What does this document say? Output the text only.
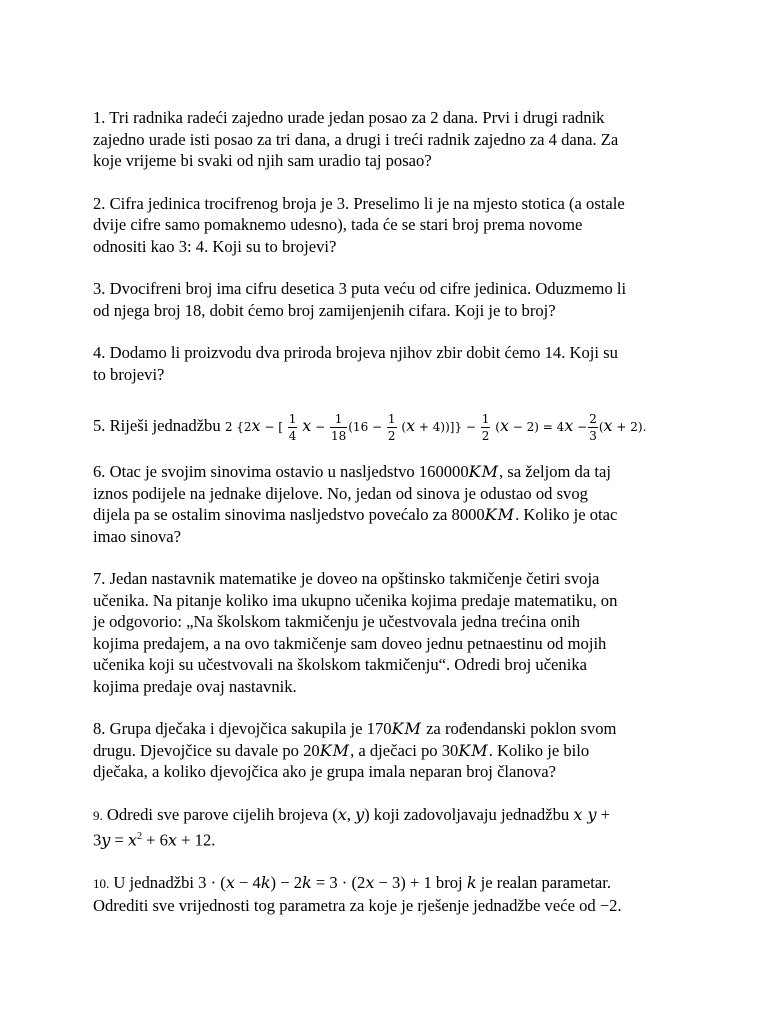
1. Tri radnika radeći zajedno urade jedan posao za 2 dana. Prvi i drugi radnik
zajedno urade isti posao za tri dana, a drugi i treći radnik zajedno za 4 dana. Za
koje vrijeme bi svaki od njih sam uradio taj posao?
2. Cifra jedinica trocifrenog broja je 3. Preselimo li je na mjesto stotica (a ostale
dvije cifre samo pomaknemo udesno), tada će se stari broj prema novome
odnositi kao 3: 4. Koji su to brojevi?
3. Dvocifreni broj ima cifru desetica 3 puta veću od cifre jedinica. Oduzmemo li
od njega broj 18, dobit ćemo broj zamijenjenih cifara. Koji je to broj?
4. Dodamo li proizvodu dva priroda brojeva njihov zbir dobit ćemo 14. Koji su
to brojevi?
5. Riješi jednadžbu 2 {2x − [ $\frac{1}{4}$ $x - \frac{1}{18} (16 - \frac{1}{2} (x + 4))]\} - \frac{1}{2} (x - 2) = 4x - \frac{2}{3} (x + 2)$.
6. Otac je svojim sinovima ostavio u nasljedstvo 160000KM, sa željom da taj
iznos podijele na jednake dijelove. No, jedan od sinova je odustao od svog
dijela pa se ostalim sinovima nasljedstvo povećalo za 8000KM. Koliko je otac
imao sinova?
7. Jedan nastavnik matematike je doveo na opštinsko takmičenje četiri svoja
učenika. Na pitanje koliko ima ukupno učenika kojima predaje matematiku, on
je odgovorio: „Na školskom takmičenju je učestvovala jedna trećina onih
kojima predajem, a na ovo takmičenje sam doveo jednu petnaestinu od mojih
učenika koji su učestvovali na školskom takmičenju“. Odredi broj učenika
kojima predaje ovaj nastavnik.
8. Grupa dječaka i djevojčica sakupila je 170KM za rođendanski poklon svom
drugu. Djevojčice su davale po 20KM, a dječaci po 30KM. Koliko je bilo
dječaka, a koliko djevojčica ako je grupa imala neparan broj članova?
9. Odredi sve parove cijelih brojeva (x, y) koji zadovoljavaju jednadžbu x y +
$3y = x^2 + 6x + 12$.
10. U jednadžbi 3 · (x − 4k) − 2k = 3 · (2x − 3) + 1 broj k je realan parametar.
Odrediti sve vrijednosti tog parametra za koje je rješenje jednadžbe veće od −2.
